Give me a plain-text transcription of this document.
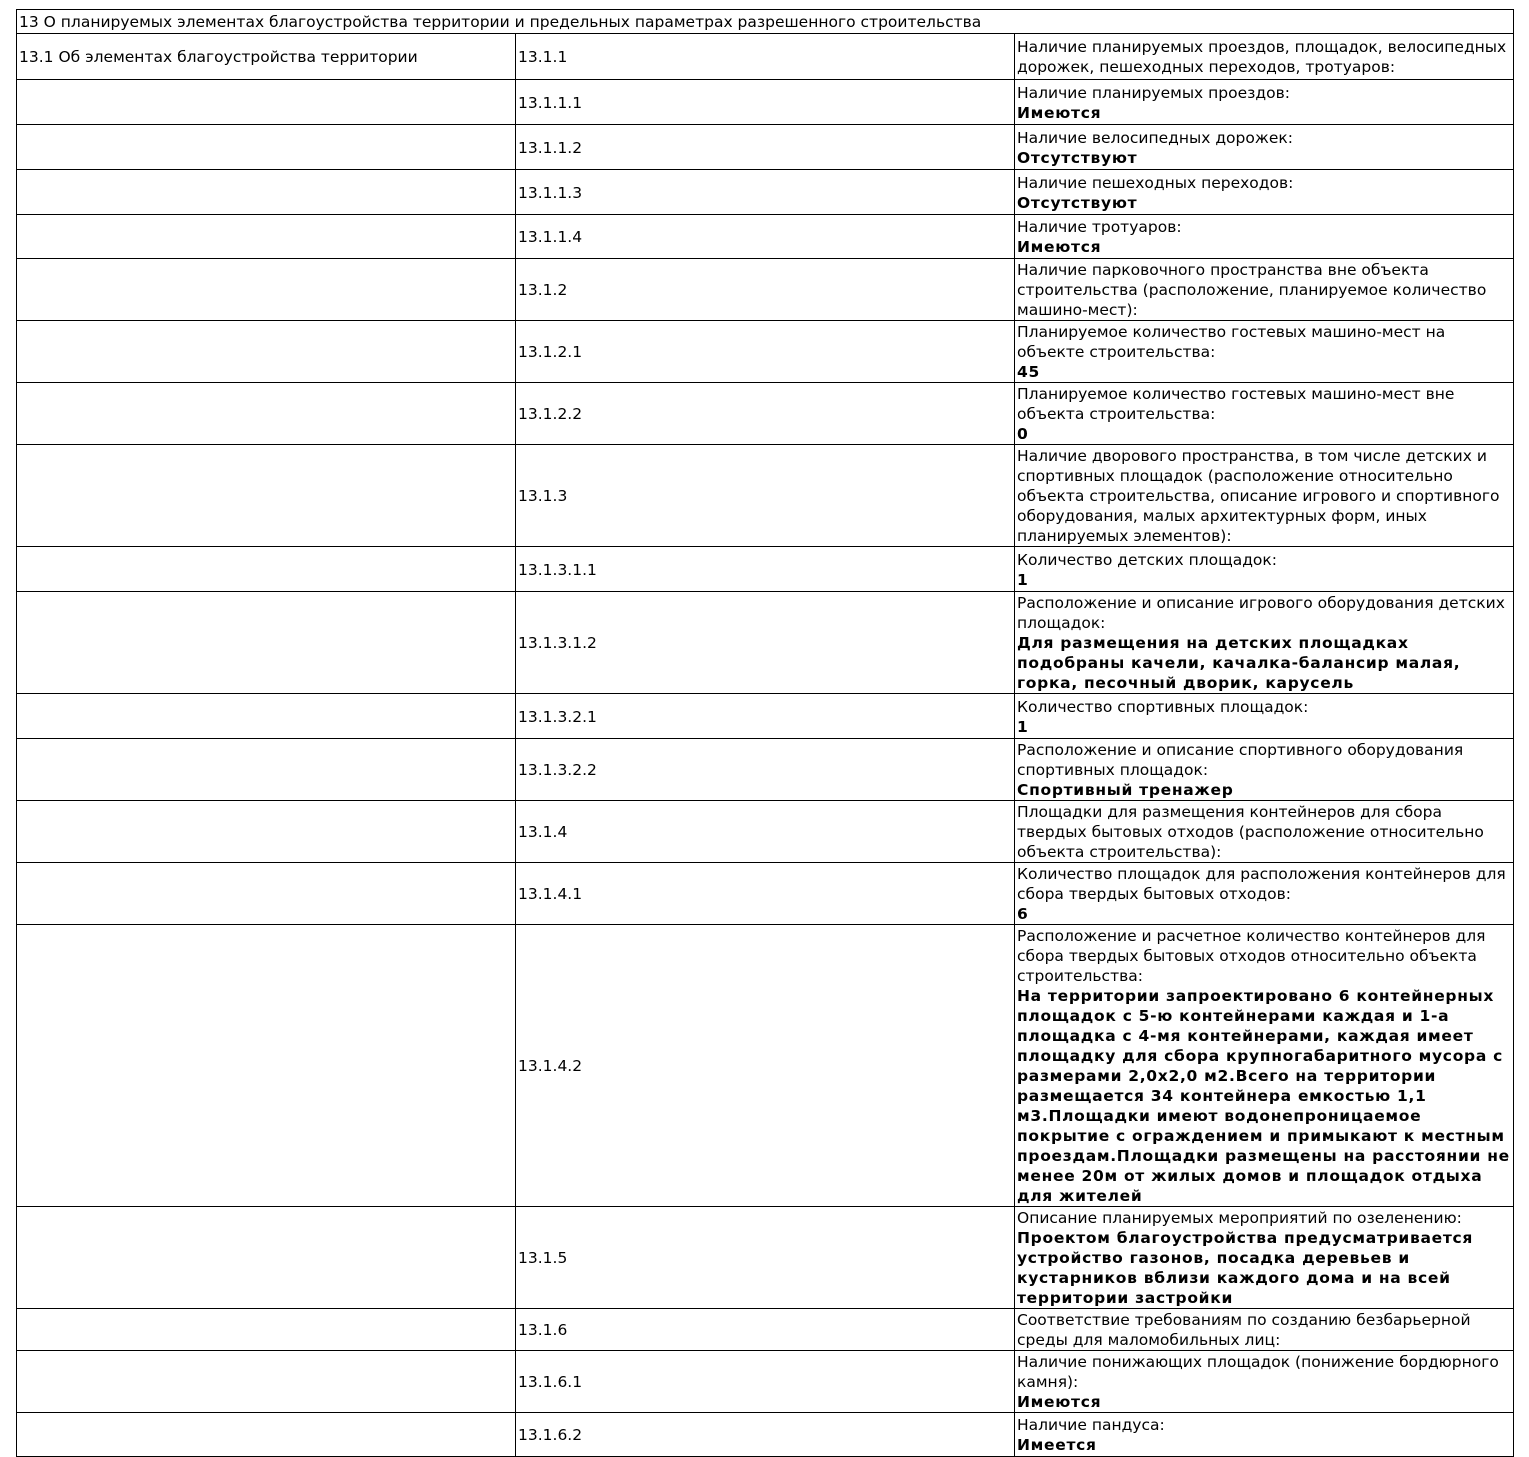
13 О планируемых элементах благоустройства территории и предельных параметрах разрешенного строительства		
13.1 Об элементах благоустройства территории	13.1.1	Наличие планируемых проездов, площадок, велосипедных дорожек, пешеходных переходов, тротуаров:

	13.1.1.1	Наличие планируемых проездов:
Имеются

	13.1.1.2	Наличие велосипедных дорожек:
Отсутствуют

	13.1.1.3	Наличие пешеходных переходов:
Отсутствуют

	13.1.1.4	Наличие тротуаров:
Имеются

	13.1.2	Наличие парковочного пространства вне объекта строительства (расположение, планируемое количество машино-мест):

	13.1.2.1	Планируемое количество гостевых машино-мест на объекте строительства:
45

	13.1.2.2	Планируемое количество гостевых машино-мест вне объекта строительства:
0

	13.1.3	Наличие дворового пространства, в том числе детских и спортивных площадок (расположение относительно объекта строительства, описание игрового и спортивного оборудования, малых архитектурных форм, иных планируемых элементов):

	13.1.3.1.1	Количество детских площадок:
1

	13.1.3.1.2	Расположение и описание игрового оборудования детских площадок:
Для размещения на детских площадках подобраны качели, качалка-балансир малая, горка, песочный дворик, карусель

	13.1.3.2.1	Количество спортивных площадок:
1

	13.1.3.2.2	Расположение и описание спортивного оборудования спортивных площадок:
Спортивный тренажер

	13.1.4	Площадки для размещения контейнеров для сбора твердых бытовых отходов (расположение относительно объекта строительства):

	13.1.4.1	Количество площадок для расположения контейнеров для сбора твердых бытовых отходов:
6

	13.1.4.2	Расположение и расчетное количество контейнеров для сбора твердых бытовых отходов относительно объекта строительства:
На территории запроектировано 6 контейнерных площадок с 5-ю контейнерами каждая и 1-а площадка с 4-мя контейнерами, каждая имеет площадку для сбора крупногабаритного мусора с размерами 2,0х2,0 м2.Всего на территории размещается 34 контейнера емкостью 1,1 м3.Площадки имеют водонепроницаемое покрытие с ограждением и примыкают к местным проездам.Площадки размещены на расстоянии не менее 20м от жилых домов и площадок отдыха для жителей

	13.1.5	Описание планируемых мероприятий по озеленению:
Проектом благоустройства предусматривается устройство газонов, посадка деревьев и кустарников вблизи каждого дома и на всей территории застройки

	13.1.6	Соответствие требованиям по созданию безбарьерной среды для маломобильных лиц:

	13.1.6.1	Наличие понижающих площадок (понижение бордюрного камня):
Имеются

	13.1.6.2	Наличие пандуса:
Имеется
